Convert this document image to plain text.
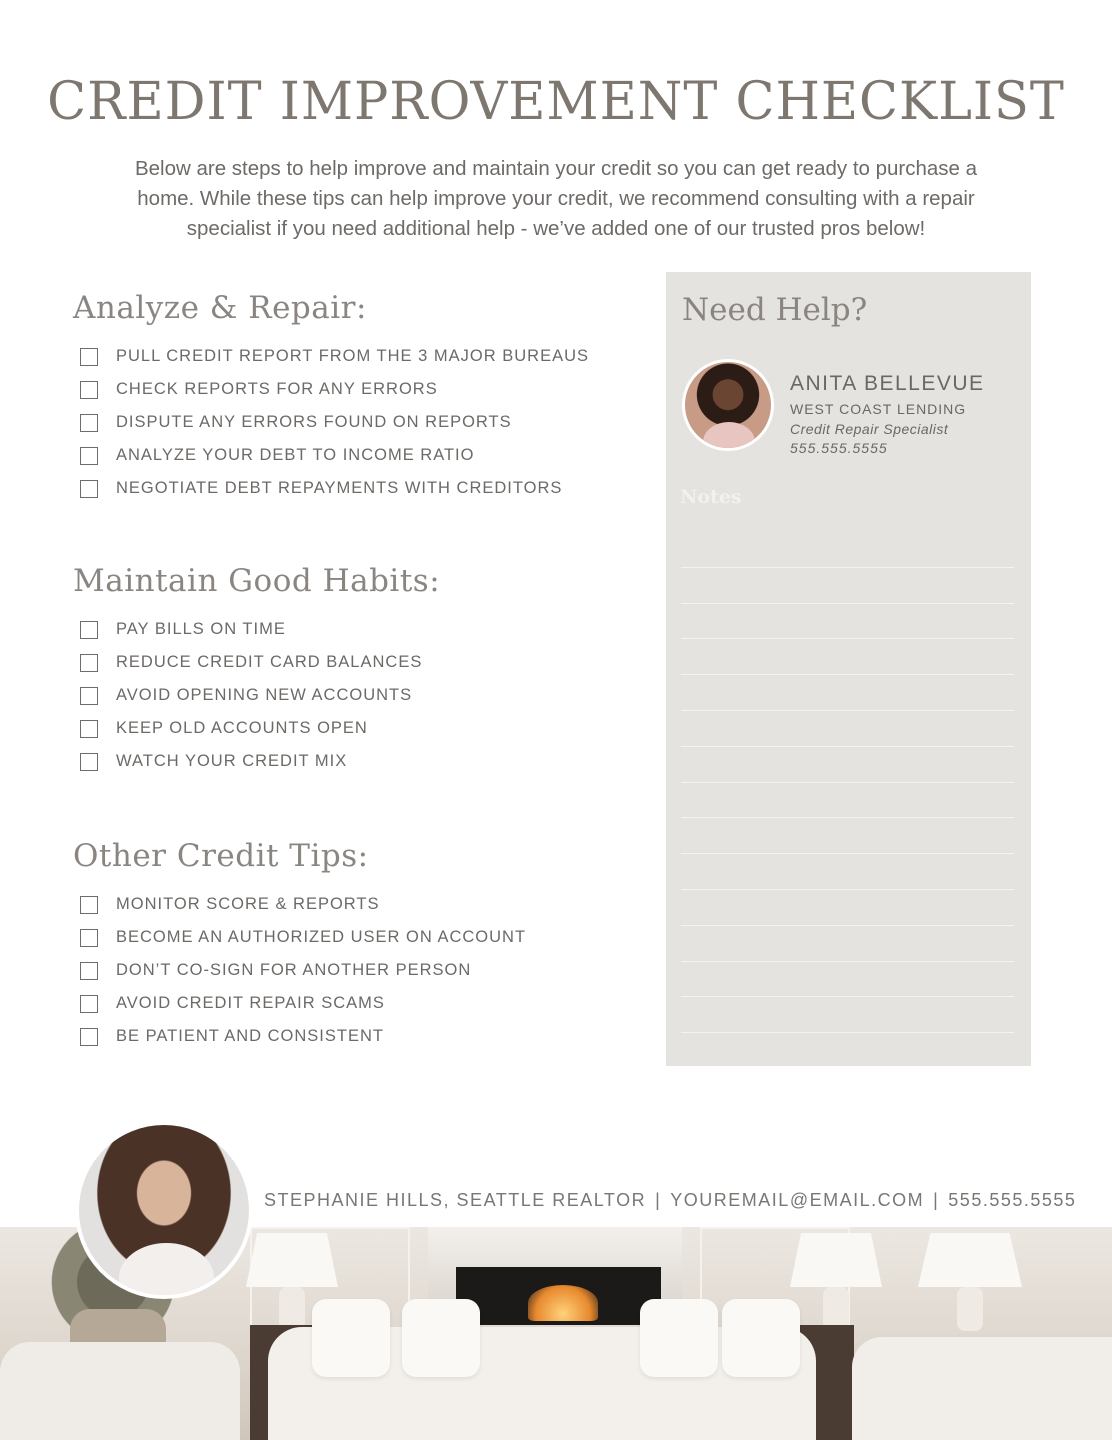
CREDIT IMPROVEMENT CHECKLIST

Below are steps to help improve and maintain your credit so you can get ready to purchase a home. While these tips can help improve your credit, we recommend consulting with a repair specialist if you need additional help - we’ve added one of our trusted pros below!

Analyze & Repair:
PULL CREDIT REPORT FROM THE 3 MAJOR BUREAUS
CHECK REPORTS FOR ANY ERRORS
DISPUTE ANY ERRORS FOUND ON REPORTS
ANALYZE YOUR DEBT TO INCOME RATIO
NEGOTIATE DEBT REPAYMENTS WITH CREDITORS
Maintain Good Habits:
PAY BILLS ON TIME
REDUCE CREDIT CARD BALANCES
AVOID OPENING NEW ACCOUNTS
KEEP OLD ACCOUNTS OPEN
WATCH YOUR CREDIT MIX
Other Credit Tips:
MONITOR SCORE & REPORTS
BECOME AN AUTHORIZED USER ON ACCOUNT
DON’T CO-SIGN FOR ANOTHER PERSON
AVOID CREDIT REPAIR SCAMS
BE PATIENT AND CONSISTENT
Need Help?
ANITA BELLEVUE
WEST COAST LENDING
Credit Repair Specialist
555.555.5555
Notes
STEPHANIE HILLS, SEATTLE REALTOR | YOUREMAIL@EMAIL.COM | 555.555.5555
